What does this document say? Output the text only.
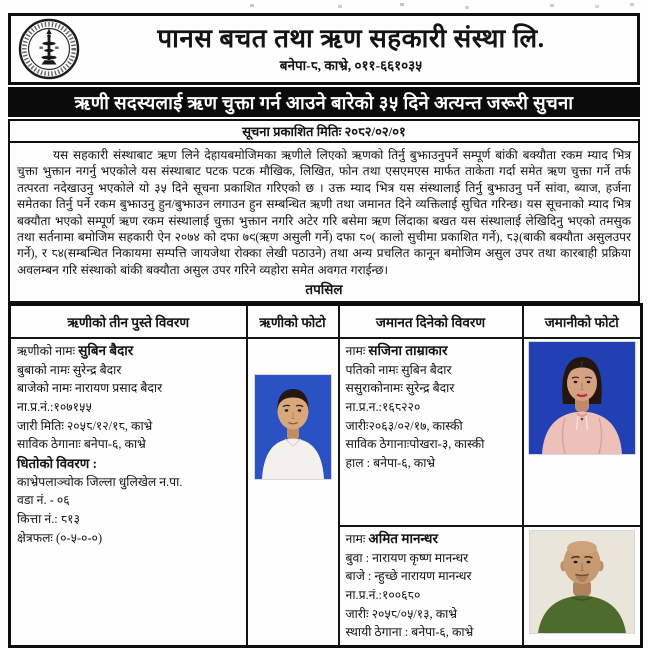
पानस बचत तथा ऋण सहकारी संस्था लि.
बनेपा-८, काभ्रे, ०११-६६१०३५
ऋणी सदस्यलाई ऋण चुक्ता गर्न आउने बारेको ३५ दिने अत्यन्त जरूरी सुचना
सूचना प्रकाशित मितिः २०८२/०२/०१
यस सहकारी संस्थाबाट ऋण लिने देहायबमोजिमका ऋणीले लिएको ऋणको तिर्नु बुझाउनुपर्ने सम्पूर्ण बांकी बक्यौता रकम म्याद भित्र चुक्ता भुक्तान नगर्नु भएकोले यस संस्थाबाट पटक पटक मौखिक, लिखित, फोन तथा एसएमएस मार्फत ताकेता गर्दा समेत ऋण चुक्ता गर्ने तर्फ तत्परता नदेखाउनु भएकोले यो ३५ दिने सूचना प्रकाशित गरिएको छ । उक्त म्याद भित्र यस संस्थालाई तिर्नु बुझाउनु पर्ने सांवा, ब्याज, हर्जना समेतका तिर्नु पर्ने रकम बुझाउनु हुन/बुझाउन लगाउन हुन सम्बन्धित ऋणी तथा जमानत दिने व्यक्तिलाई सुचित गरिन्छ। यस सूचनाको म्याद भित्र बक्यौता भएको सम्पूर्ण ऋण रकम संस्थालाई चुक्ता भुक्तान नगरि अटेर गरि बसेमा ऋण लिंदाका बखत यस संस्थालाई लेखिदिनु भएको तमसुक तथा सर्तनामा बमोजिम सहकारी ऐन २०७४ को दफा ७९(ऋण असुली गर्ने) दफा ८०( कालो सुचीमा प्रकाशित गर्ने), ८३(बाकी बक्यौता असुलउपर गर्ने), र ८४(सम्बन्धित निकायमा सम्पत्ति जायजेथा रोक्का लेखी पठाउने) तथा अन्य प्रचलित कानून बमोजिम असुल उपर तथा कारबाही प्रक्रिया अवलम्बन गरि संस्थाको बांकी बक्यौता असुल उपर गरिने व्यहोरा समेत अवगत गराईन्छ।
तपसिल
ऋणीको तीन पुस्ते विवरण	ऋणीको फोटो	जमानत दिनेको विवरण	जमानीको फोटो

ऋणीको नामः सुबिन बैदार
बुबाको नामः सुरेन्द्र बैदार
बाजेको नामः नारायण प्रसाद बैदार
ना.प्र.नं.:१०७१५५
जारी मितिः २०५८/१२/१८, काभ्रे
साविक ठेगानाः बनेपा-६, काभ्रे
धितोको विवरण :
काभ्रेपलाञ्चोक जिल्ला धुलिखेल न.पा.
वडा नं. - ०६
कित्ता नं.: ८१३
क्षेत्रफलः (०-५-०-०)

नामः सजिना ताम्राकार
पतिको नामः सुबिन बैदार
ससुराकोनामः सुरेन्द्र बैदार
ना.प्र.न.:१६८२२०
जारीः२०६३/०२/१७, कास्की
साविक ठेगानाःपोखरा-३, कास्की
हाल : बनेपा-६, काभ्रे

नामः अमित मानन्धर
बुवा : नारायण कृष्ण मानन्धर
बाजे : न्हुच्छे नारायण मानन्धर
ना.प्र.नं.:१००६८०
जारीः २०५८/०५/१३, काभ्रे
स्थायी ठेगाना : बनेपा-६, काभ्रे
